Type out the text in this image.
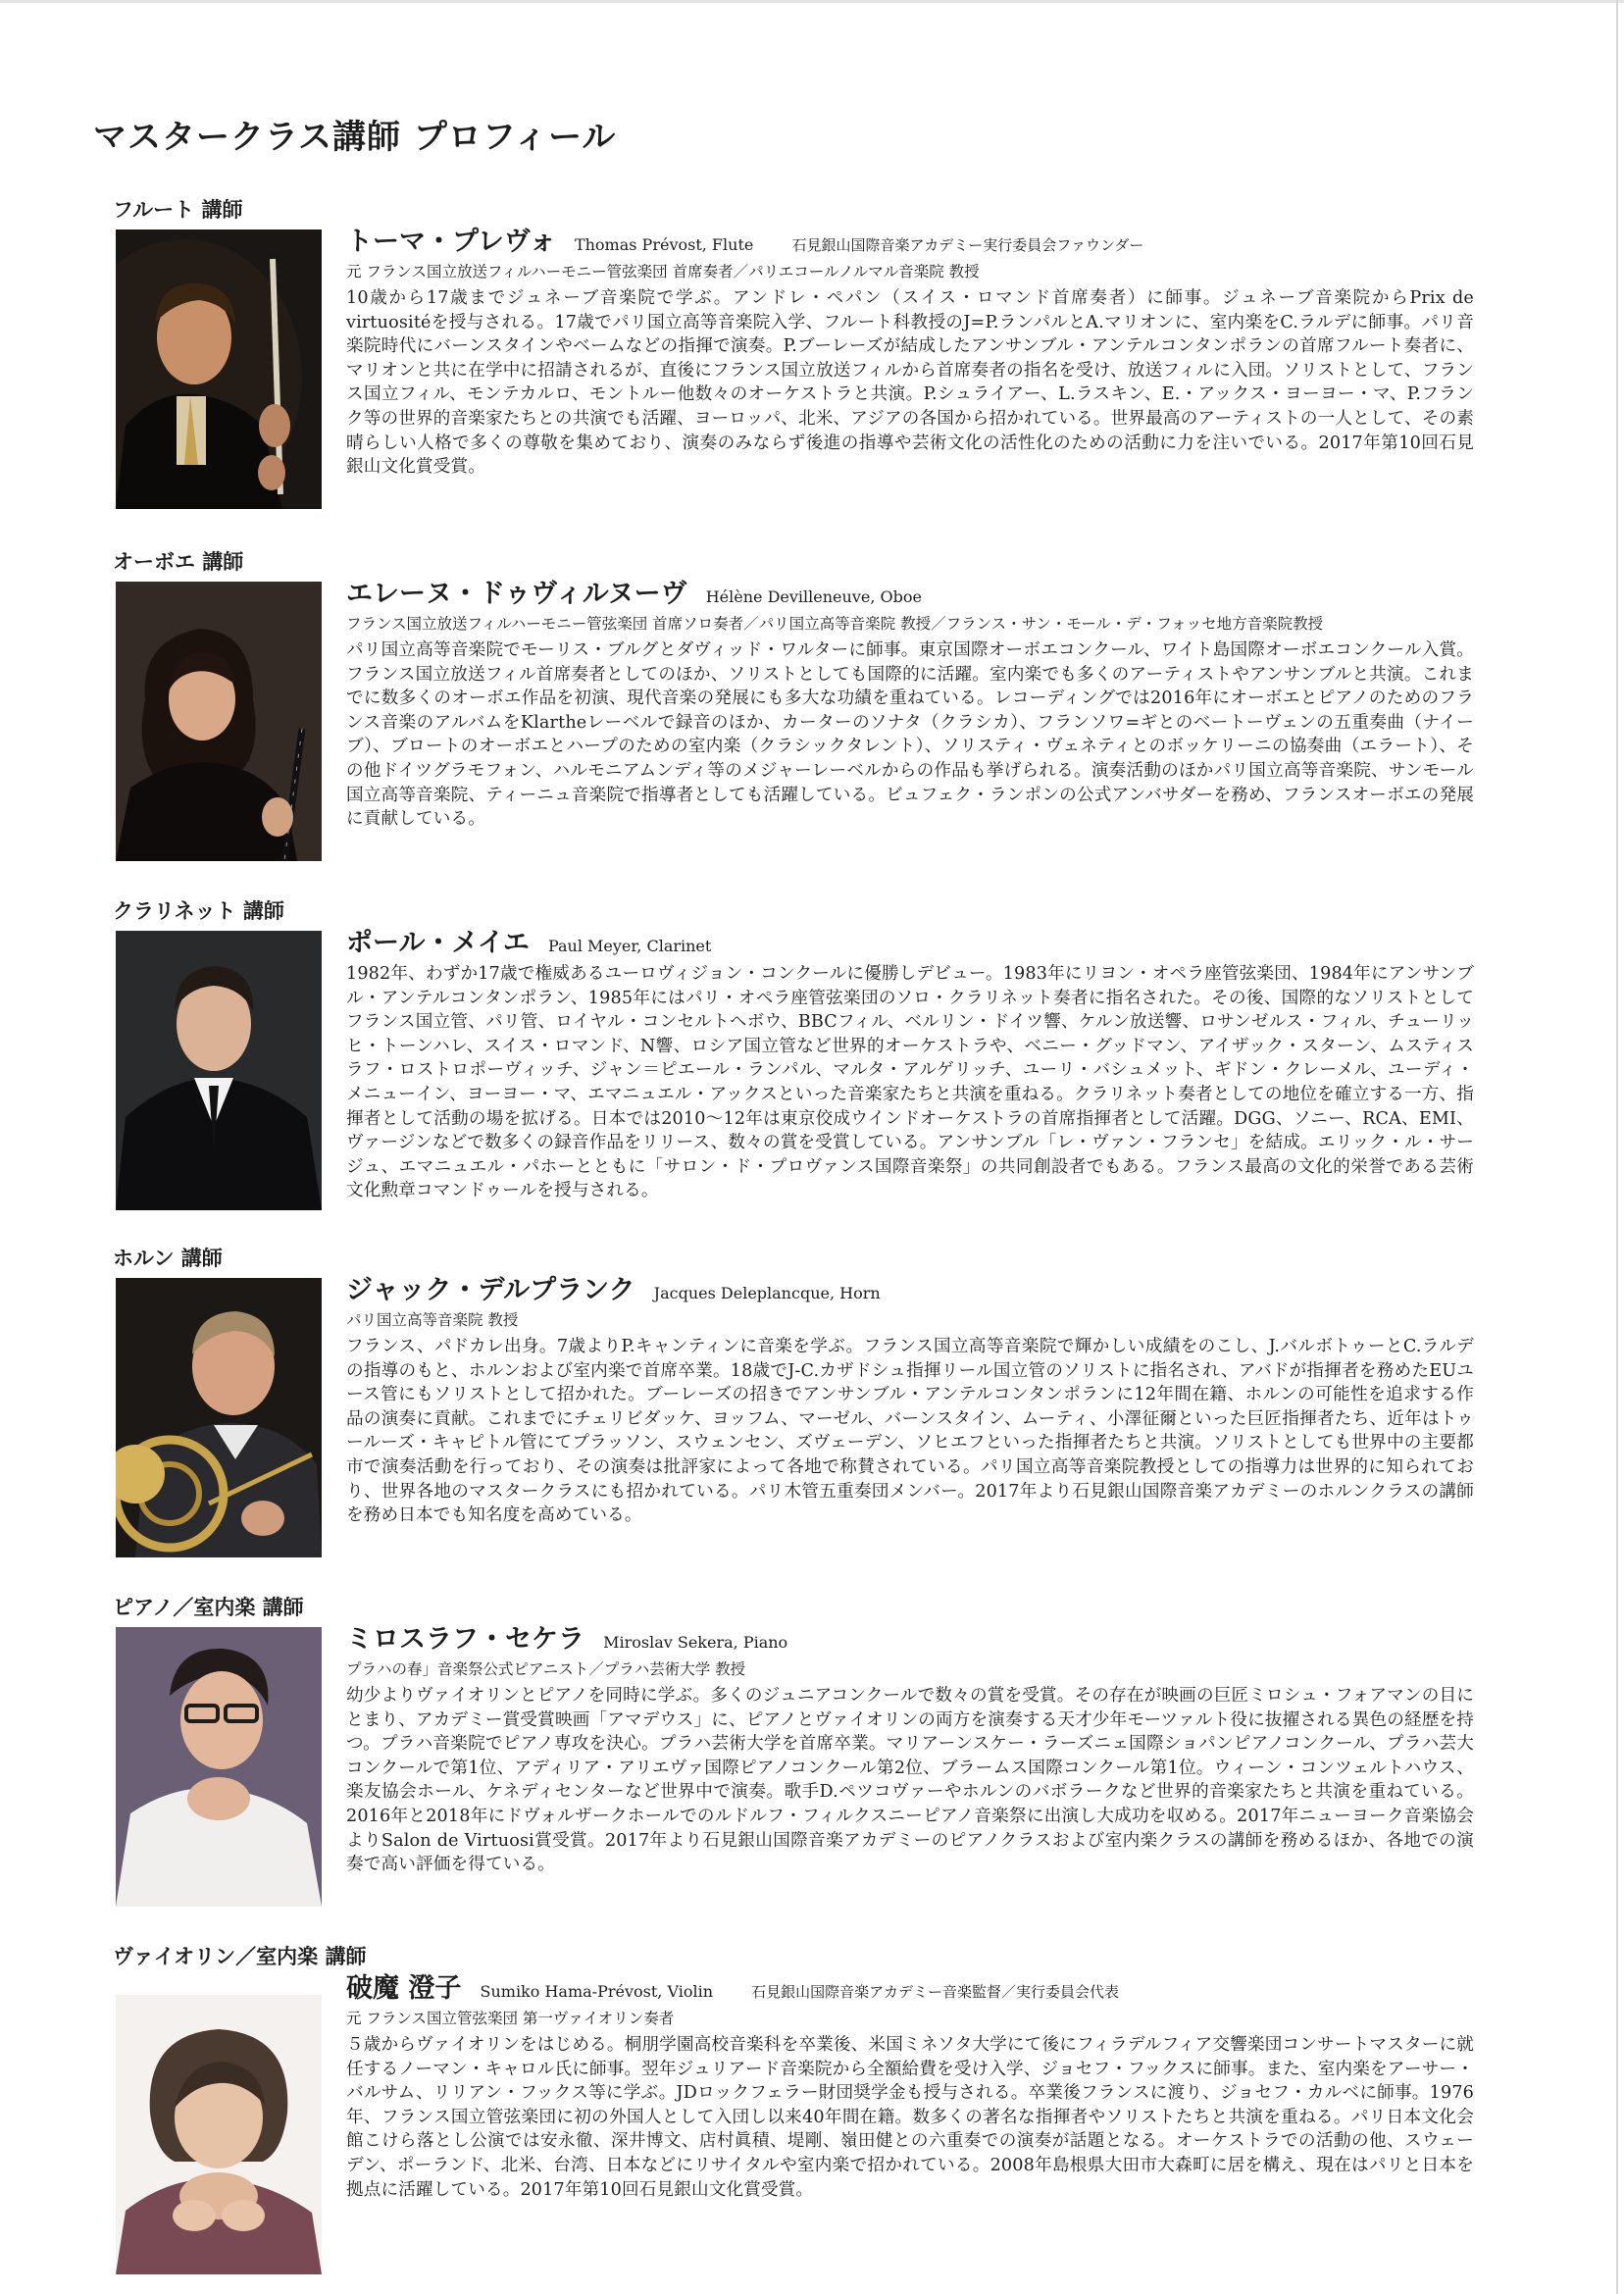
マスタークラス講師 プロフィール
フルート 講師
トーマ・プレヴォ Thomas Prévost, Flute	石見銀山国際音楽アカデミー実行委員会ファウンダー
元 フランス国立放送フィルハーモニー管弦楽団 首席奏者／パリエコールノルマル音楽院 教授

10歳から17歳までジュネーブ音楽院で学ぶ。アンドレ・ペパン（スイス・ロマンド首席奏者）に師事。ジュネーブ音楽院からPrix de virtuositéを授与される。17歳でパリ国立高等音楽院入学、フルート科教授のJ=P.ランパルとA.マリオンに、室内楽をC.ラルデに師事。パリ音楽院時代にバーンスタインやベームなどの指揮で演奏。P.ブーレーズが結成したアンサンブル・アンテルコンタンポランの首席フルート奏者に、マリオンと共に在学中に招請されるが、直後にフランス国立放送フィルから首席奏者の指名を受け、放送フィルに入団。ソリストとして、フランス国立フィル、モンテカルロ、モントルー他数々のオーケストラと共演。P.シュライアー、L.ラスキン、E.・アックス・ヨーヨー・マ、P.フランク等の世界的音楽家たちとの共演でも活躍、ヨーロッパ、北米、アジアの各国から招かれている。世界最高のアーティストの一人として、その素晴らしい人格で多くの尊敬を集めており、演奏のみならず後進の指導や芸術文化の活性化のための活動に力を注いでいる。2017年第10回石見銀山文化賞受賞。

オーボエ 講師
エレーヌ・ドゥヴィルヌーヴ Hélène Devilleneuve, Oboe
フランス国立放送フィルハーモニー管弦楽団 首席ソロ奏者／パリ国立高等音楽院 教授／フランス・サン・モール・デ・フォッセ地方音楽院教授

パリ国立高等音楽院でモーリス・ブルグとダヴィッド・ワルターに師事。東京国際オーボエコンクール、ワイト島国際オーボエコンクール入賞。フランス国立放送フィル首席奏者としてのほか、ソリストとしても国際的に活躍。室内楽でも多くのアーティストやアンサンブルと共演。これまでに数多くのオーボエ作品を初演、現代音楽の発展にも多大な功績を重ねている。レコーディングでは2016年にオーボエとピアノのためのフランス音楽のアルバムをKlartheレーベルで録音のほか、カーターのソナタ（クラシカ）、フランソワ=ギとのベートーヴェンの五重奏曲（ナイーブ）、ブロートのオーボエとハープのための室内楽（クラシックタレント）、ソリスティ・ヴェネティとのボッケリーニの協奏曲（エラート）、その他ドイツグラモフォン、ハルモニアムンディ等のメジャーレーベルからの作品も挙げられる。演奏活動のほかパリ国立高等音楽院、サンモール国立高等音楽院、ティーニュ音楽院で指導者としても活躍している。ビュフェク・ランポンの公式アンバサダーを務め、フランスオーボエの発展に貢献している。

クラリネット 講師
ポール・メイエ Paul Meyer, Clarinet

1982年、わずか17歳で権威あるユーロヴィジョン・コンクールに優勝しデビュー。1983年にリヨン・オペラ座管弦楽団、1984年にアンサンブル・アンテルコンタンポラン、1985年にはパリ・オペラ座管弦楽団のソロ・クラリネット奏者に指名された。その後、国際的なソリストとしてフランス国立管、パリ管、ロイヤル・コンセルトヘボウ、BBCフィル、ベルリン・ドイツ響、ケルン放送響、ロサンゼルス・フィル、チューリッヒ・トーンハレ、スイス・ロマンド、N響、ロシア国立管など世界的オーケストラや、ベニー・グッドマン、アイザック・スターン、ムスティスラフ・ロストロポーヴィッチ、ジャン＝ピエール・ランパル、マルタ・アルゲリッチ、ユーリ・バシュメット、ギドン・クレーメル、ユーディ・メニューイン、ヨーヨー・マ、エマニュエル・アックスといった音楽家たちと共演を重ねる。クラリネット奏者としての地位を確立する一方、指揮者として活動の場を拡げる。日本では2010～12年は東京佼成ウインドオーケストラの首席指揮者として活躍。DGG、ソニー、RCA、EMI、ヴァージンなどで数多くの録音作品をリリース、数々の賞を受賞している。アンサンブル「レ・ヴァン・フランセ」を結成。エリック・ル・サージュ、エマニュエル・パホーとともに「サロン・ド・プロヴァンス国際音楽祭」の共同創設者でもある。フランス最高の文化的栄誉である芸術文化勲章コマンドゥールを授与される。

ホルン 講師
ジャック・デルプランク Jacques Deleplancque, Horn
パリ国立高等音楽院 教授

フランス、パドカレ出身。7歳よりP.キャンティンに音楽を学ぶ。フランス国立高等音楽院で輝かしい成績をのこし、J.バルボトゥーとC.ラルデの指導のもと、ホルンおよび室内楽で首席卒業。18歳でJ-C.カザドシュ指揮リール国立管のソリストに指名され、アバドが指揮者を務めたEUユース管にもソリストとして招かれた。ブーレーズの招きでアンサンブル・アンテルコンタンポランに12年間在籍、ホルンの可能性を追求する作品の演奏に貢献。これまでにチェリビダッケ、ヨッフム、マーゼル、バーンスタイン、ムーティ、小澤征爾といった巨匠指揮者たち、近年はトゥールーズ・キャピトル管にてプラッソン、スウェンセン、ズヴェーデン、ソヒエフといった指揮者たちと共演。ソリストとしても世界中の主要都市で演奏活動を行っており、その演奏は批評家によって各地で称賛されている。パリ国立高等音楽院教授としての指導力は世界的に知られており、世界各地のマスタークラスにも招かれている。パリ木管五重奏団メンバー。2017年より石見銀山国際音楽アカデミーのホルンクラスの講師を務め日本でも知名度を高めている。

ピアノ／室内楽 講師
ミロスラフ・セケラ Miroslav Sekera, Piano
プラハの春」音楽祭公式ピアニスト／プラハ芸術大学 教授

幼少よりヴァイオリンとピアノを同時に学ぶ。多くのジュニアコンクールで数々の賞を受賞。その存在が映画の巨匠ミロシュ・フォアマンの目にとまり、アカデミー賞受賞映画「アマデウス」に、ピアノとヴァイオリンの両方を演奏する天才少年モーツァルト役に抜擢される異色の経歴を持つ。プラハ音楽院でピアノ専攻を決心。プラハ芸術大学を首席卒業。マリアーンスケー・ラーズニェ国際ショパンピアノコンクール、プラハ芸大コンクールで第1位、アディリア・アリエヴァ国際ピアノコンクール第2位、ブラームス国際コンクール第1位。ウィーン・コンツェルトハウス、楽友協会ホール、ケネディセンターなど世界中で演奏。歌手D.ペツコヴァーやホルンのバボラークなど世界的音楽家たちと共演を重ねている。2016年と2018年にドヴォルザークホールでのルドルフ・フィルクスニーピアノ音楽祭に出演し大成功を収める。2017年ニューヨーク音楽協会よりSalon de Virtuosi賞受賞。2017年より石見銀山国際音楽アカデミーのピアノクラスおよび室内楽クラスの講師を務めるほか、各地での演奏で高い評価を得ている。

ヴァイオリン／室内楽 講師
破魔 澄子 Sumiko Hama-Prévost, Violin	石見銀山国際音楽アカデミー音楽監督／実行委員会代表
元 フランス国立管弦楽団 第一ヴァイオリン奏者

５歳からヴァイオリンをはじめる。桐朋学園高校音楽科を卒業後、米国ミネソタ大学にて後にフィラデルフィア交響楽団コンサートマスターに就任するノーマン・キャロル氏に師事。翌年ジュリアード音楽院から全額給費を受け入学、ジョセフ・フックスに師事。また、室内楽をアーサー・バルサム、リリアン・フックス等に学ぶ。JDロックフェラー財団奨学金も授与される。卒業後フランスに渡り、ジョセフ・カルベに師事。1976年、フランス国立管弦楽団に初の外国人として入団し以来40年間在籍。数多くの著名な指揮者やソリストたちと共演を重ねる。パリ日本文化会館こけら落とし公演では安永徹、深井博文、店村眞積、堤剛、嶺田健との六重奏での演奏が話題となる。オーケストラでの活動の他、スウェーデン、ポーランド、北米、台湾、日本などにリサイタルや室内楽で招かれている。2008年島根県大田市大森町に居を構え、現在はパリと日本を拠点に活躍している。2017年第10回石見銀山文化賞受賞。
